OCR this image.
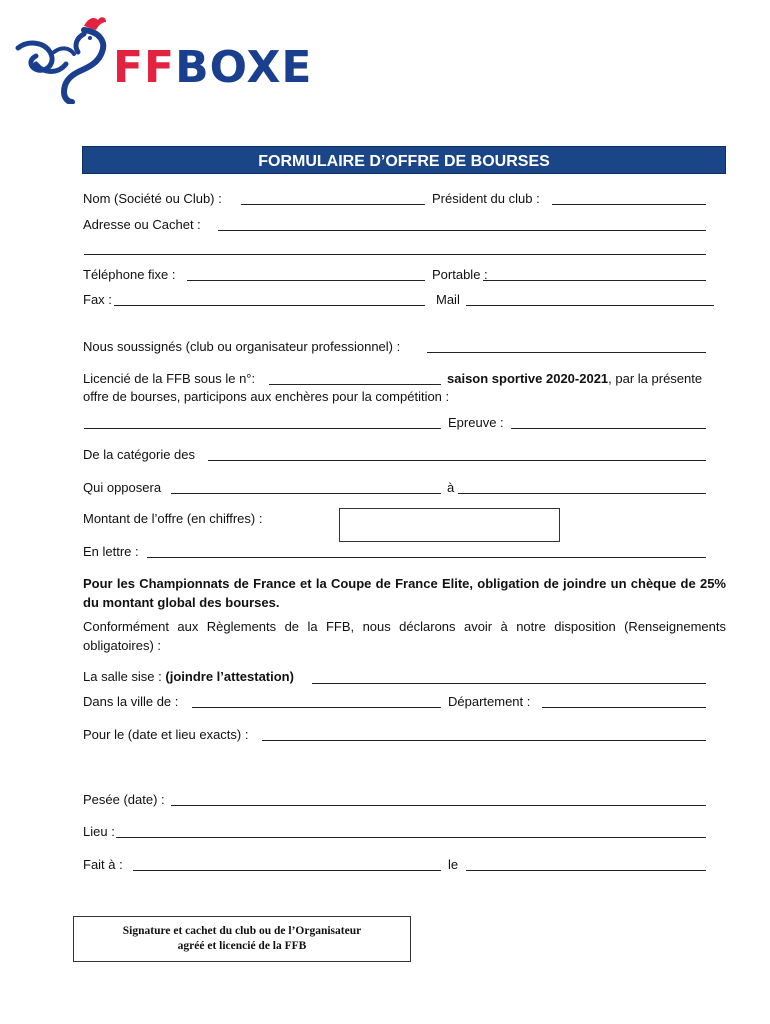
FFBOXE
FORMULAIRE D’OFFRE DE BOURSES
Nom (Société ou Club) :	Président du club :
Adresse ou Cachet :
Téléphone fixe :	Portable :
Fax :	Mail
Nous soussignés (club ou organisateur professionnel) :
Licencié de la FFB sous le n°:	saison sportive 2020-2021, par la présente
offre de bourses, participons aux enchères pour la compétition :
Epreuve :
De la catégorie des
Qui opposera	à
Montant de l’offre (en chiffres) :
En lettre :
Pour les Championnats de France et la Coupe de France Elite, obligation de joindre un chèque de 25% du montant global des bourses.
Conformément aux Règlements de la FFB, nous déclarons avoir à notre disposition (Renseignements obligatoires) :
La salle sise : (joindre l’attestation)
Dans la ville de :	Département :
Pour le (date et lieu exacts) :
Pesée (date) :
Lieu :
Fait à :	le
Signature et cachet du club ou de l’Organisateur
agréé et licencié de la FFB
